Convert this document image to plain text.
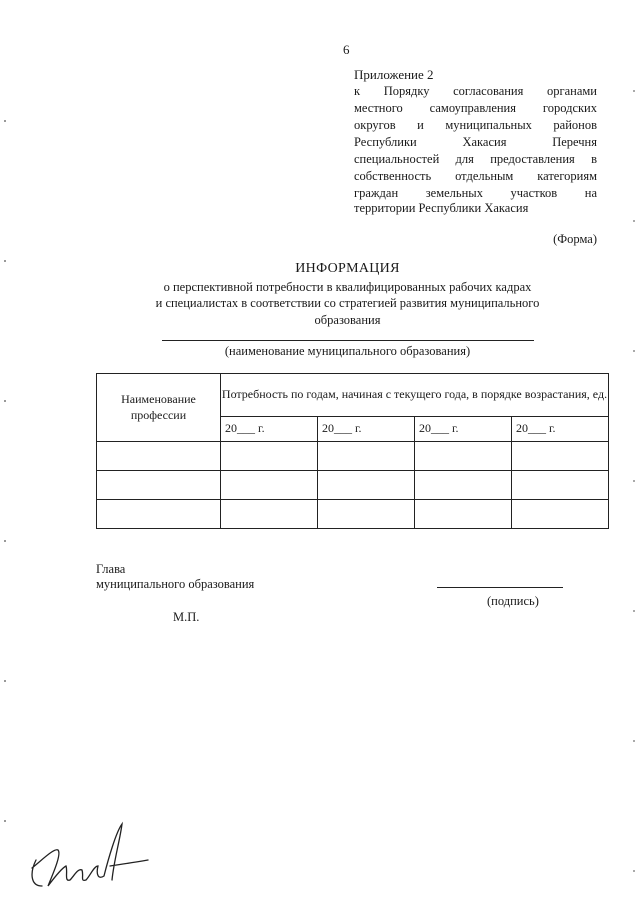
6
Приложение 2
к Порядку согласования органами
местного самоуправления городских
округов и муниципальных районов
Республики Хакасия Перечня
специальностей для предоставления в
собственность отдельным категориям
граждан земельных участков на
территории Республики Хакасия
(Форма)
ИНФОРМАЦИЯ
о перспективной потребности в квалифицированных рабочих кадрах
и специалистах в соответствии со стратегией развития муниципального
образования
(наименование муниципального образования)
Наименование профессии	Потребность по годам, начиная с текущего года, в порядке возрастания, ед.			
	20___ г.	20___ г.	20___ г.	20___ г.

Глава
муниципального образования
(подпись)
М.П.
